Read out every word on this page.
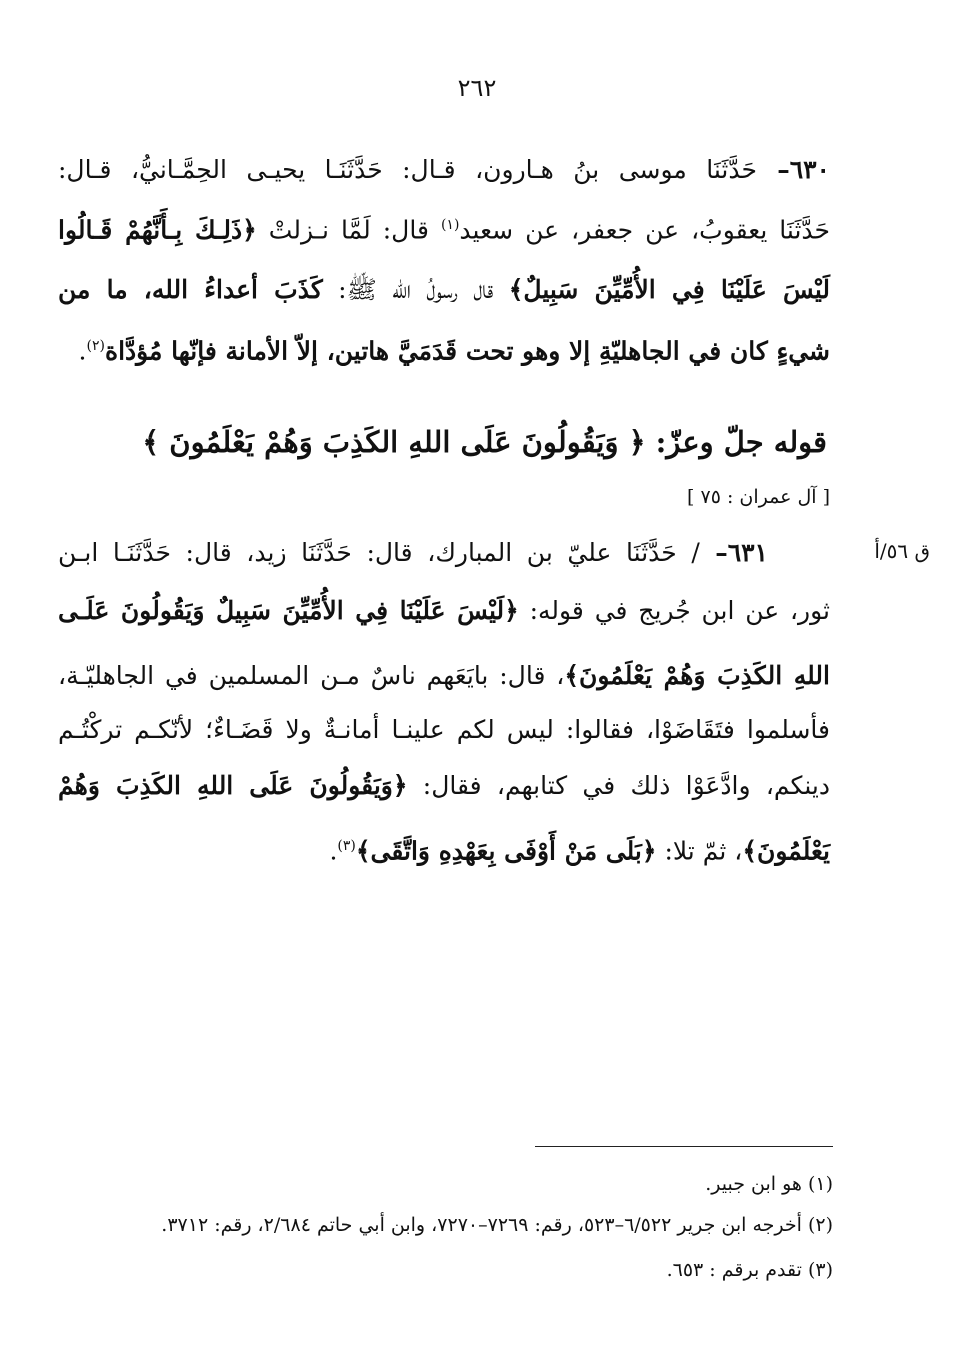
٢٦٢
٦٣٠– حَدَّثَنَا موسى بنُ هـارون، قـال: حَدَّثَنَـا يحيـى الحِمَّـانيُّ، قـال:
حَدَّثَنَا يعقوبُ، عن جعفر، عن سعيد$^{(١)}$ قال: لَمَّا نـزلتْ ﴿ذَلِـكَ بِـأَنَّهُمْ قَـالُوا
لَيْسَ عَلَيْنَا فِي الأُمِّيِّنَ سَبِيلٌ﴾ قال رسولُ الله ﷺ: كَذَبَ أعداءُ الله، ما من
شيءٍ كان في الجاهليّةِ إلا وهو تحت قَدَمَيَّ هاتين، إلاّ الأمانة فإنّها مُؤدَّاة$^{(٢)}$.
قوله جلّ وعزّ: ﴿ وَيَقُولُونَ عَلَى اللهِ الكَذِبَ وَهُمْ يَعْلَمُونَ ﴾
[ آل عمران : ٧٥ ]
ق ٥٦/أ
٦٣١– / حَدَّثَنَا عليّ بن المبارك، قال: حَدَّثَنَا زيد، قال: حَدَّثَنَـا ابـن
ثور، عن ابن جُريج في قوله: ﴿لَيْسَ عَلَيْنَا فِي الأُمِّيِّنَ سَبِيلٌ وَيَقُولُونَ عَلَـى
اللهِ الكَذِبَ وَهُمْ يَعْلَمُونَ﴾، قال: بايَعَهم ناسٌ مـن المسلمين في الجاهليّـة،
فأسلموا فتَقَاضَوْا، فقالوا: ليس لكم علينـا أمانـةٌ ولا قَضَـاءٌ؛ لأنّكـم تركْتُـم
دينكم، وادَّعَوْا ذلك في كتابهم، فقال: ﴿وَيَقُولُونَ عَلَى اللهِ الكَذِبَ وَهُمْ
يَعْلَمُونَ﴾، ثمّ تلا: ﴿بَلَى مَنْ أَوْفَى بِعَهْدِهِ وَاتَّقَى﴾$^{(٣)}$.
(١) هو ابن جبير.
(٢) أخرجه ابن جرير ٦/٥٢٢–٥٢٣، رقم: ٧٢٦٩–٧٢٧٠، وابن أبي حاتم ٢/٦٨٤، رقم: ٣٧١٢.
(٣) تقدم برقم : ٦٥٣.
